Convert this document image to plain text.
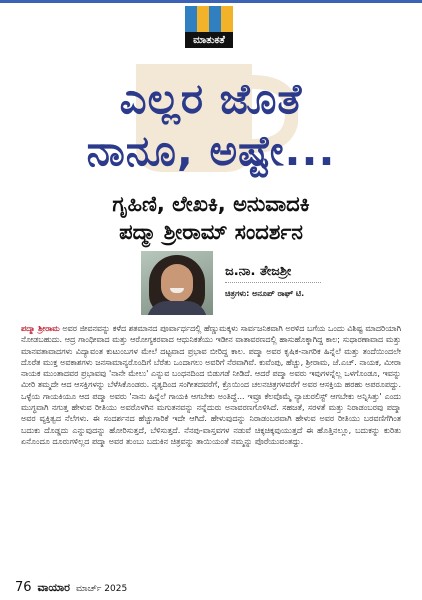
ಮಾತುಕತೆ
ಎಲ್ಲರ ಜೊತೆ
ನಾನೂ, ಅಷ್ಟೇ...
ಗೃಹಿಣಿ, ಲೇಖಕಿ, ಅನುವಾದಕಿ
ಪದ್ಮಾ ಶ್ರೀರಾಮ್ ಸಂದರ್ಶನ
ಜ.ನಾ. ತೇಜಶ್ರೀ
ಚಿತ್ರಗಳು: ಅನೂಪ್ ರಾಘ್ ಟಿ.

ಪದ್ಮಾ ಶ್ರೀರಾಮ ಅವರ ಜೀವನವನ್ನು ಕಳೆದ ಶತಮಾನದ ಪೂರ್ವಾರ್ಧದಲ್ಲಿ ಹೆಣ್ಣುಮಕ್ಕಳು ಸಾರ್ವಜನಿಕವಾಗಿ ಅರಳಿದ ಬಗೆಯ ಒಂದು ವಿಶಿಷ್ಟ ಮಾದರಿಯಾಗಿ ನೋಡಬಹುದು. ಆದ್ರ ಗಾಂಧೀವಾದ ಮತ್ತು ಆರೋಗ್ಯಕರವಾದ ಆಧುನಿಕತೆಯು ಇಡೀನ ವಾತಾವರಣದಲ್ಲಿ ಹಾಸುಹೊಕ್ಕಾಗಿದ್ದ ಕಾಲ; ಸುಧಾರಣಾವಾದ ಮತ್ತು ಮಾನವತಾವಾದಗಳು ವಿದ್ಯಾವಂತ ಕುಟುಂಬಗಳ ಮೇಲೆ ದಟ್ಟವಾದ ಪ್ರಭಾವ ಬೀರಿದ್ದ ಕಾಲ. ಪದ್ಮಾ ಅವರ ಕೃಷಿಕ-ನಾಗರಿಕ ಹಿನ್ನೆಲೆ ಮತ್ತು ತಂದೆಯಿಂದಲೇ ದೊರೆತ ಮುಕ್ತ ಅವಕಾಶಗಳು ಜನಸಾಮಾನ್ಯರೊಂದಿಗೆ ಬೆರೆತು ಒಂದಾಗಲು ಅವರಿಗೆ ನೆರವಾಗಿವೆ. ಕುವೆಂಪು, ಹೆಚ್ಚು, ಶ್ರೀರಾಮ, ಜೆ.ಎಚ್. ನಾಯಕ, ಮೀರಾ ನಾಯಕ ಮುಂತಾದವರ ಪ್ರಭಾವವು 'ನಾನೇ ಮೇಲು' ಎನ್ನುವ ಬಂಧನದಿಂದ ಬಿಡುಗಡೆ ನೀಡಿದೆ. ಆದರೆ ಪದ್ಮಾ ಅವರು ಇವುಗಳನ್ನೆಲ್ಲ ಒಳಗೊಂಡೂ, ಇವನ್ನು ಮೀರಿ ತಮ್ಮದೇ ಆದ ಆಸಕ್ತಿಗಳನ್ನು ಬೆಳೆಸಿಕೊಂಡರು. ನೃತ್ಯದಿಂದ ಸಂಗೀತದವರೆಗೆ, ಕ್ರೊಯಿಂದ ಚಲನಚಿತ್ರಗಳವರೆಗೆ ಅವರ ಆಸಕ್ತಿಯ ಹರಹು ಅಪರೂಪದ್ದು. ಒಳ್ಳೆಯ ಗಾಯಕಿಯೂ ಆದ ಪದ್ಮಾ ಅವರು 'ನಾನು ಹಿನ್ನೆಲೆ ಗಾಯಕಿ ಆಗಬೇಕು ಅಂತಿದ್ದೆ... ಇವ್ರೂ ಕೆಲವೊಮ್ಮೆ ನ್ಯಾಚುರಲಿಸ್ಟ್ ಆಗಬೇಕು ಅನ್ನಿಸಿತ್ತು' ಎಂದು ಮುಗ್ಧವಾಗಿ ನಗುತ್ತ ಹೇಳುವ ರೀತಿಯು ಅವರೊಳಗಿನ ಮಗುತನವನ್ನು ನನ್ನೆದುರು ಅನಾವರಣಗೊಳಿಸಿದೆ. ಸಹಜತೆ, ಸರಳತೆ ಮತ್ತು ನಿರಾಡಂಬರವು ಪದ್ಮಾ ಅವರ ವ್ಯಕ್ತಿತ್ವದ ನೆಲೆಗಳು. ಈ ಸಂದರ್ಶನದ ಹೆಚ್ಚುಗಾರಿಕೆ ಇದೇ ಆಗಿದೆ. ಹೇಳುವುದನ್ನು ನಿರಾಡಂಬರವಾಗಿ ಹೇಳುವ ಅವರ ರೀತಿಯು ಬರವಣಿಗೆಗಿಂತ ಬದುಕು ದೊಡ್ಡದು ಎನ್ನುವುದನ್ನು ಹೋರಿಸುತ್ತದೆ, ಬೆಳಿಸುತ್ತದೆ. ನೆನಪು-ವಾಸ್ತವಗಳ ನಡುವೆ ಚಿಕ್ಕಚಿಕ್ಕವುಯುತ್ತದೆ ಈ ಹೊತ್ತಿನಲ್ಲೂ, ಬದುಕನ್ನು ಕುರಿತು ಏನೊಂದೂ ದೂರುಗಳಿಲ್ಲದ ಪದ್ಮಾ ಅವರ ತುಂಬು ಬದುಕಿನ ಚಿತ್ರವನ್ನು ತಾಯಿಯಂತೆ ನಮ್ಮನ್ನು ಪೊರೆಯುವಂತದ್ದು.

76 ವಾಯಾರ ಮಾರ್ಚ್ 2025
